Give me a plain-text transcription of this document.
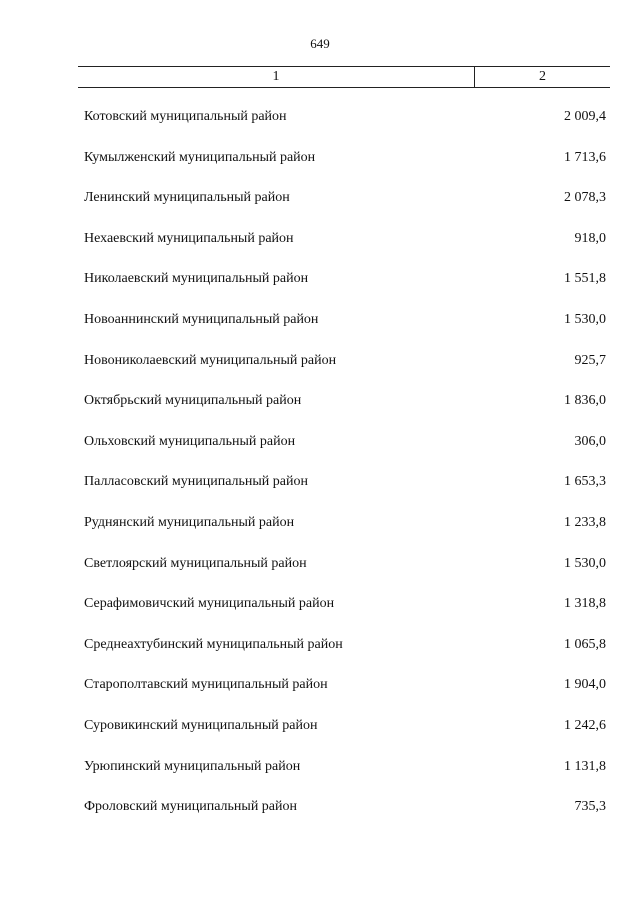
649
1	2
Котовский муниципальный район	2 009,4
Кумылженский муниципальный район	1 713,6
Ленинский муниципальный район	2 078,3
Нехаевский муниципальный район	918,0
Николаевский муниципальный район	1 551,8
Новоаннинский муниципальный район	1 530,0
Новониколаевский муниципальный район	925,7
Октябрьский муниципальный район	1 836,0
Ольховский муниципальный район	306,0
Палласовский муниципальный район	1 653,3
Руднянский муниципальный район	1 233,8
Светлоярский муниципальный район	1 530,0
Серафимовичский муниципальный район	1 318,8
Среднеахтубинский муниципальный район	1 065,8
Старополтавский муниципальный район	1 904,0
Суровикинский муниципальный район	1 242,6
Урюпинский муниципальный район	1 131,8
Фроловский муниципальный район	735,3
